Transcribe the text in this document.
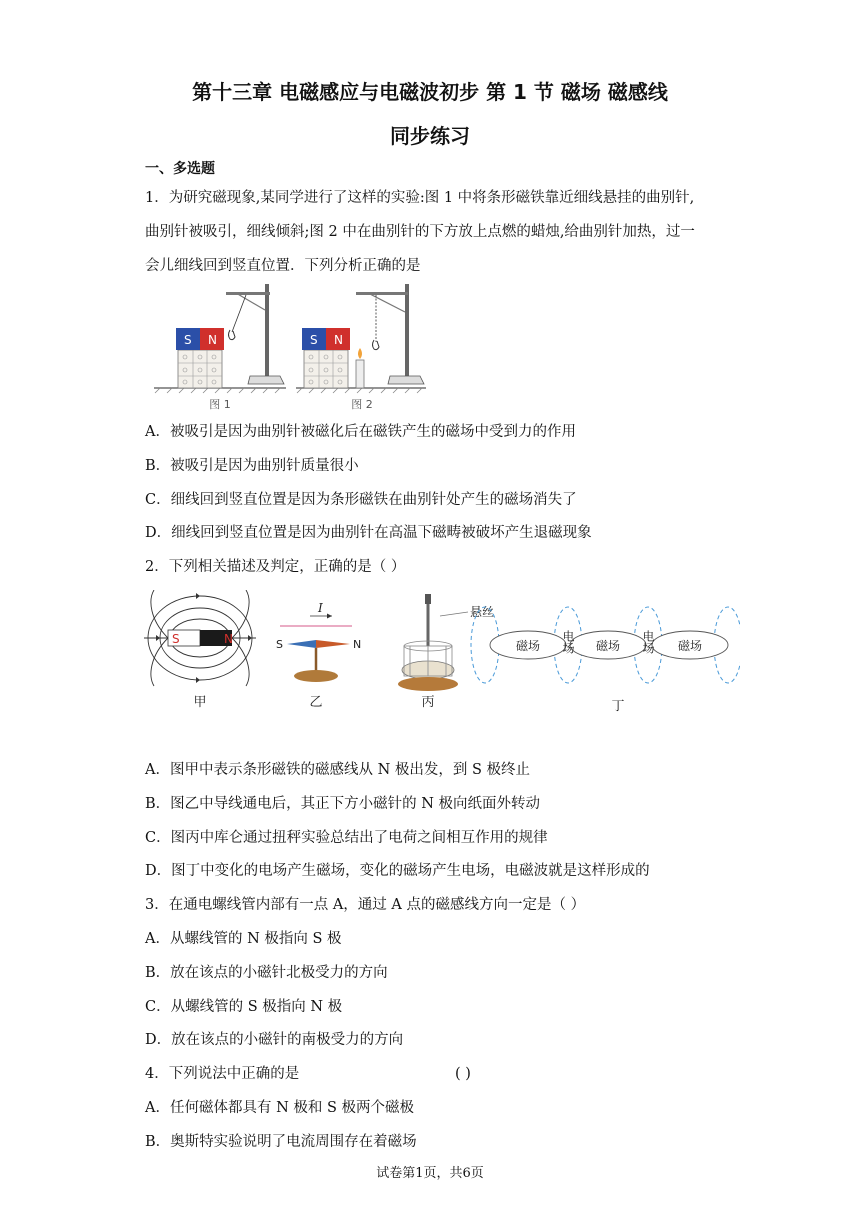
第十三章 电磁感应与电磁波初步 第 1 节 磁场 磁感线
同步练习
一、多选题
1．为研究磁现象,某同学进行了这样的实验:图 1 中将条形磁铁靠近细线悬挂的曲别针,
曲别针被吸引，细线倾斜;图 2 中在曲别针的下方放上点燃的蜡烛,给曲别针加热，过一
会儿细线回到竖直位置．下列分析正确的是
S N
图 1
S N
图 2
A．被吸引是因为曲别针被磁化后在磁铁产生的磁场中受到力的作用
B．被吸引是因为曲别针质量很小
C．细线回到竖直位置是因为条形磁铁在曲别针处产生的磁场消失了
D．细线回到竖直位置是因为曲别针在高温下磁畴被破坏产生退磁现象
2．下列相关描述及判定，正确的是（ ）
S	N
甲
I
S	N
乙
悬丝
丙
磁场	磁场	磁场
电场	电场
丁
A．图甲中表示条形磁铁的磁感线从 N 极出发，到 S 极终止
B．图乙中导线通电后，其正下方小磁针的 N 极向纸面外转动
C．图丙中库仑通过扭秤实验总结出了电荷之间相互作用的规律
D．图丁中变化的电场产生磁场，变化的磁场产生电场，电磁波就是这样形成的
3．在通电螺线管内部有一点 A，通过 A 点的磁感线方向一定是（ ）
A．从螺线管的 N 极指向 S 极
B．放在该点的小磁针北极受力的方向
C．从螺线管的 S 极指向 N 极
D．放在该点的小磁针的南极受力的方向
4．下列说法中正确的是	( )
A．任何磁体都具有 N 极和 S 极两个磁极
B．奥斯特实验说明了电流周围存在着磁场
试卷第1页，共6页
